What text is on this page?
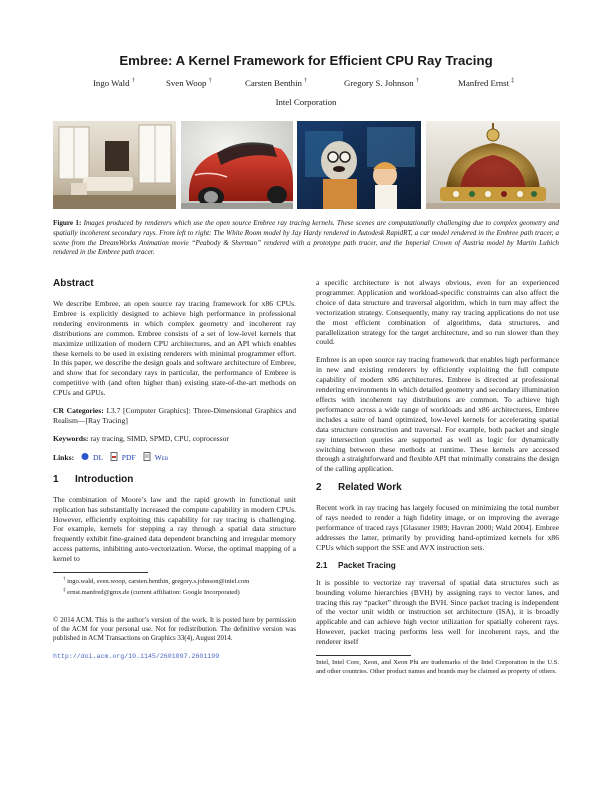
Embree: A Kernel Framework for Efficient CPU Ray Tracing
Ingo Wald †	Sven Woop †	Carsten Benthin †	Gregory S. Johnson †	Manfred Ernst ‡
Intel Corporation
Figure 1: Images produced by renderers which use the open source Embree ray tracing kernels. These scenes are computationally challenging due to complex geometry and spatially incoherent secondary rays. From left to right: The White Room model by Jay Hardy rendered in Autodesk RapidRT, a car model rendered in the Embree path tracer, a scene from the DreamWorks Animation movie “Peabody & Sherman” rendered with a prototype path tracer, and the Imperial Crown of Austria model by Martin Lubich rendered in the Embree path tracer.
Abstract

We describe Embree, an open source ray tracing framework for x86 CPUs. Embree is explicitly designed to achieve high performance in professional rendering environments in which complex geometry and incoherent ray distributions are common. Embree consists of a set of low-level kernels that maximize utilization of modern CPU architectures, and an API which enables these kernels to be used in existing renderers with minimal programmer effort. In this paper, we describe the design goals and software architecture of Embree, and show that for secondary rays in particular, the performance of Embree is competitive with (and often higher than) existing state-of-the-art methods on CPUs and GPUs.

CR Categories: I.3.7 [Computer Graphics]: Three-Dimensional Graphics and Realism—[Ray Tracing]

Keywords: ray tracing, SIMD, SPMD, CPU, coprocessor

Links: DL PDF Web
1 Introduction

The combination of Moore’s law and the rapid growth in functional unit replication has substantially increased the compute capability in modern CPUs. However, efficiently exploiting this capability for ray tracing is challenging. For example, kernels for stepping a ray through a spatial data structure frequently exhibit fine-grained data dependent branching and irregular memory access patterns, inhibiting auto-vectorization. Worse, the optimal mapping of a kernel to

† ingo.wald, sven.woop, carsten.benthin, gregory.s.johnson@intel.com
‡ ernst.manfred@gmx.de (current affiliation: Google Incorporated)
© 2014 ACM. This is the author’s version of the work. It is posted here by permission of the ACM for your personal use. Not for redistribution. The definitive version was published in ACM Transactions on Graphics 33(4), August 2014.
http://doi.acm.org/10.1145/2601097.2601199

a specific architecture is not always obvious, even for an experienced programmer. Application and workload-specific constraints can also affect the choice of data structure and traversal algorithm, which in turn may affect the vectorization strategy. Consequently, many ray tracing applications do not use the most efficient combination of algorithms, data structures, and parallelization strategy for the target architecture, and so run slower than they could.

Embree is an open source ray tracing framework that enables high performance in new and existing renderers by efficiently exploiting the full compute capability of modern x86 architectures. Embree is directed at professional rendering environments in which detailed geometry and secondary illumination effects with incoherent ray distributions are common. To achieve high performance across a wide range of workloads and x86 architectures, Embree includes a suite of hand optimized, low-level kernels for accelerating spatial data structure construction and traversal. For example, both packet and single ray intersection queries are supported as well as logic for dynamically switching between these methods at runtime. These kernels are accessed through a straightforward and flexible API that minimally constrains the design of the calling application.

2 Related Work

Recent work in ray tracing has largely focused on minimizing the total number of rays needed to render a high fidelity image, or on improving the average performance of traced rays [Glassner 1989; Havran 2000; Wald 2004]. Embree addresses the latter, primarily by providing hand-optimized kernels for x86 CPUs which support the SSE and AVX instruction sets.

2.1 Packet Tracing

It is possible to vectorize ray traversal of spatial data structures such as bounding volume hierarchies (BVH) by assigning rays to vector lanes, and tracing this ray “packet” through the BVH. Since packet tracing is independent of the vector unit width or instruction set architecture (ISA), it is broadly applicable and can achieve high vector utilization for spatially coherent rays. However, packet tracing performs less well for incoherent rays, and the renderer itself

Intel, Intel Core, Xeon, and Xeon Phi are trademarks of the Intel Corporation in the U.S. and other countries. Other product names and brands may be claimed as property of others.
